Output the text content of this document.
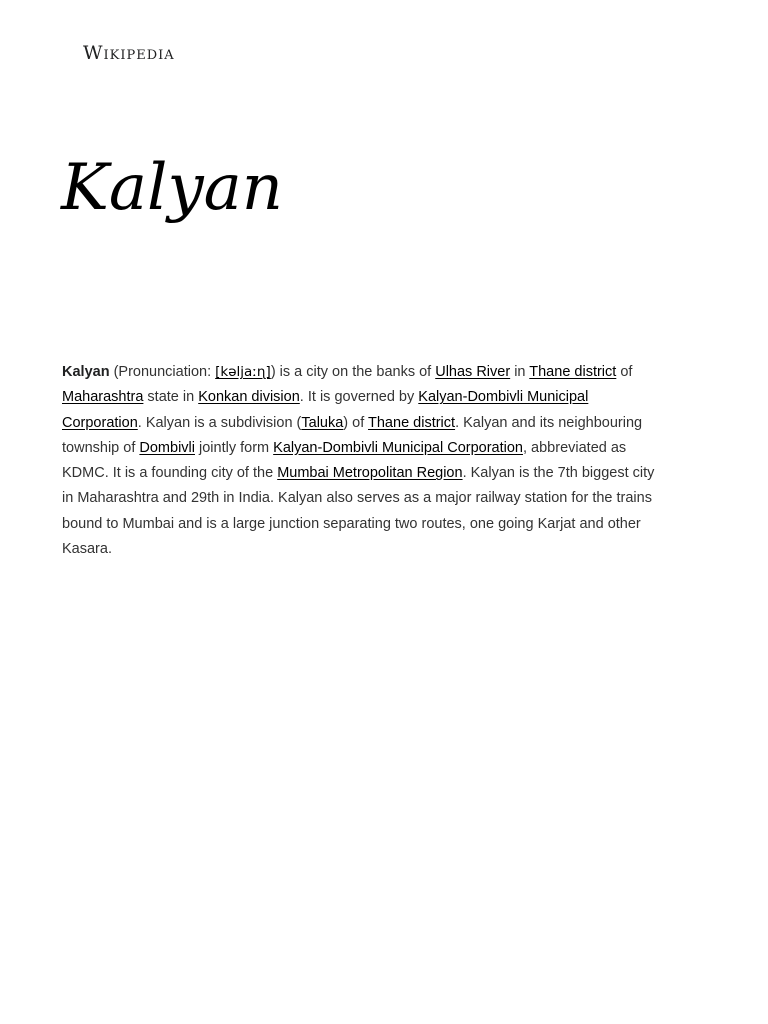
Wikipedia
Kalyan

Kalyan (Pronunciation: [kəljaːɳ]) is a city on the banks of Ulhas River in Thane district of Maharashtra state in Konkan division. It is governed by Kalyan-Dombivli Municipal Corporation. Kalyan is a subdivision (Taluka) of Thane district. Kalyan and its neighbouring township of Dombivli jointly form Kalyan-Dombivli Municipal Corporation, abbreviated as KDMC. It is a founding city of the Mumbai Metropolitan Region. Kalyan is the 7th biggest city in Maharashtra and 29th in India. Kalyan also serves as a major railway station for the trains bound to Mumbai and is a large junction separating two routes, one going Karjat and other Kasara.
